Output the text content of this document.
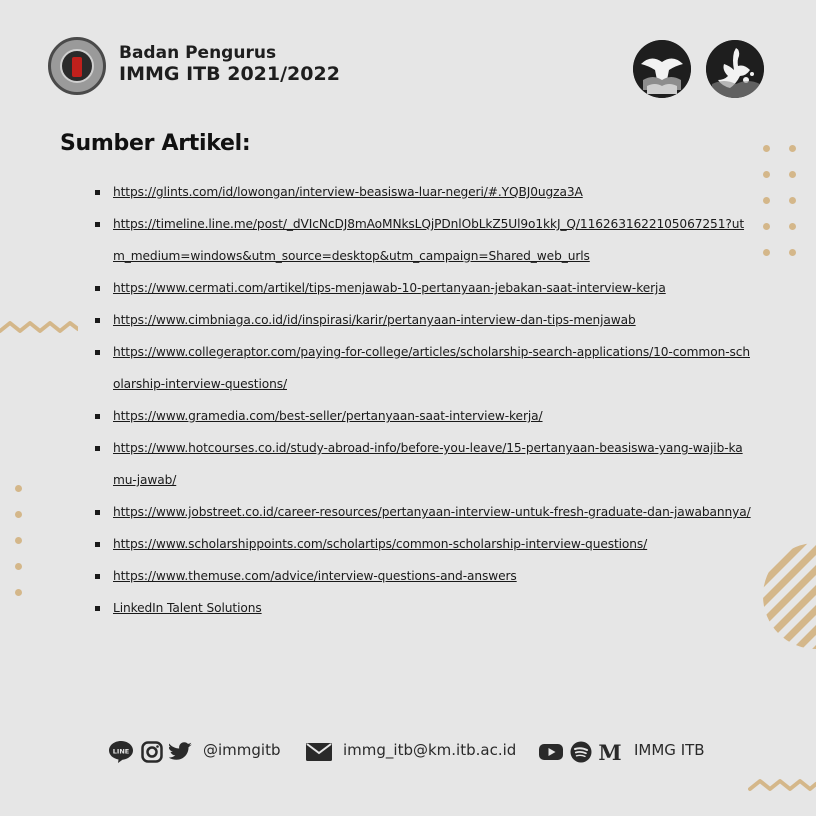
Badan Pengurus
IMMG ITB 2021/2022
Sumber Artikel:
https://glints.com/id/lowongan/interview-beasiswa-luar-negeri/#.YQBJ0ugza3A
https://timeline.line.me/post/_dVIcNcDJ8mAoMNksLQjPDnlObLkZ5Ul9o1kkJ_Q/1162631622105067251?utm_medium=windows&utm_source=desktop&utm_campaign=Shared_web_urls
https://www.cermati.com/artikel/tips-menjawab-10-pertanyaan-jebakan-saat-interview-kerja
https://www.cimbniaga.co.id/id/inspirasi/karir/pertanyaan-interview-dan-tips-menjawab
https://www.collegeraptor.com/paying-for-college/articles/scholarship-search-applications/10-common-scholarship-interview-questions/
https://www.gramedia.com/best-seller/pertanyaan-saat-interview-kerja/
https://www.hotcourses.co.id/study-abroad-info/before-you-leave/15-pertanyaan-beasiswa-yang-wajib-kamu-jawab/
https://www.jobstreet.co.id/career-resources/pertanyaan-interview-untuk-fresh-graduate-dan-jawabannya/
https://www.scholarshippoints.com/scholartips/common-scholarship-interview-questions/
https://www.themuse.com/advice/interview-questions-and-answers
LinkedIn Talent Solutions
LINE	@immgitb	immg_itb@km.itb.ac.id	M IMMG ITB
